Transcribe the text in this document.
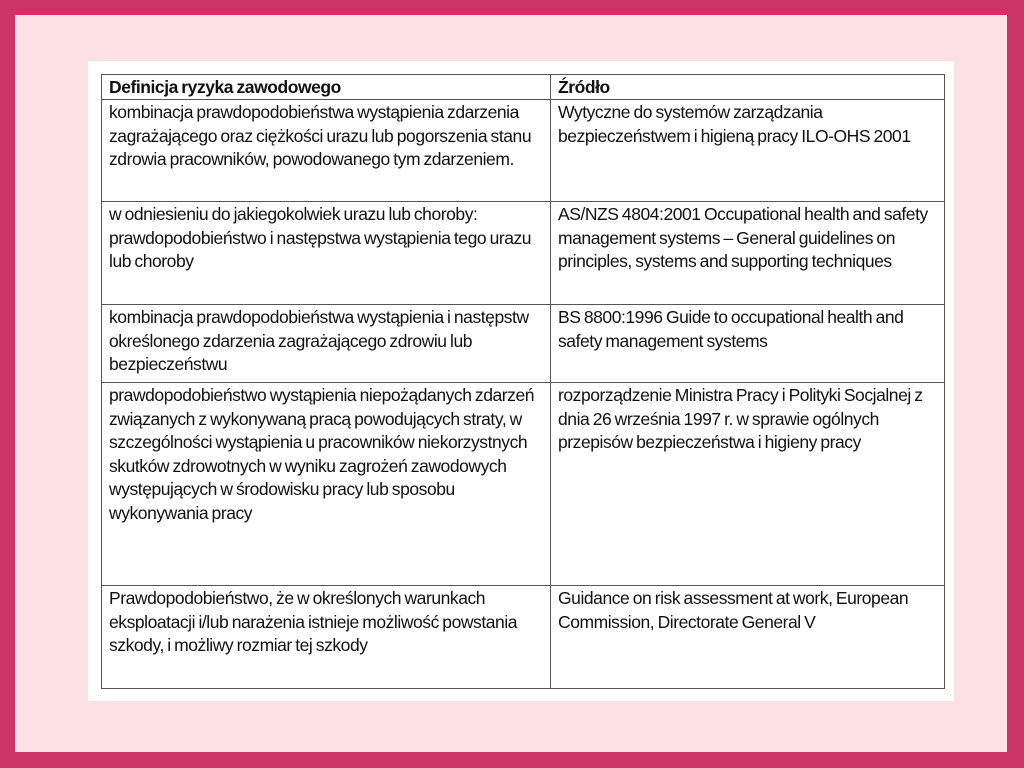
Definicja ryzyka zawodowego	Źródło

kombinacja prawdopodobieństwa wystąpienia zdarzenia zagrażającego oraz ciężkości urazu lub pogorszenia stanu zdrowia pracowników, powodowanego tym zdarzeniem.	Wytyczne do systemów zarządzania bezpieczeństwem i higieną pracy ILO-OHS 2001

w odniesieniu do jakiegokolwiek urazu lub choroby: prawdopodobieństwo i następstwa wystąpienia tego urazu lub choroby	AS/NZS 4804:2001 Occupational health and safety management systems – General guidelines on principles, systems and supporting techniques

kombinacja prawdopodobieństwa wystąpienia i następstw określonego zdarzenia zagrażającego zdrowiu lub bezpieczeństwu	BS 8800:1996 Guide to occupational health and safety management systems

prawdopodobieństwo wystąpienia niepożądanych zdarzeń związanych z wykonywaną pracą powodujących straty, w szczególności wystąpienia u pracowników niekorzystnych skutków zdrowotnych w wyniku zagrożeń zawodowych występujących w środowisku pracy lub sposobu wykonywania pracy	rozporządzenie Ministra Pracy i Polityki Socjalnej z dnia 26 września 1997 r. w sprawie ogólnych przepisów bezpieczeństwa i higieny pracy

Prawdopodobieństwo, że w określonych warunkach eksploatacji i/lub narażenia istnieje możliwość powstania szkody, i możliwy rozmiar tej szkody	Guidance on risk assessment at work, European Commission, Directorate General V
